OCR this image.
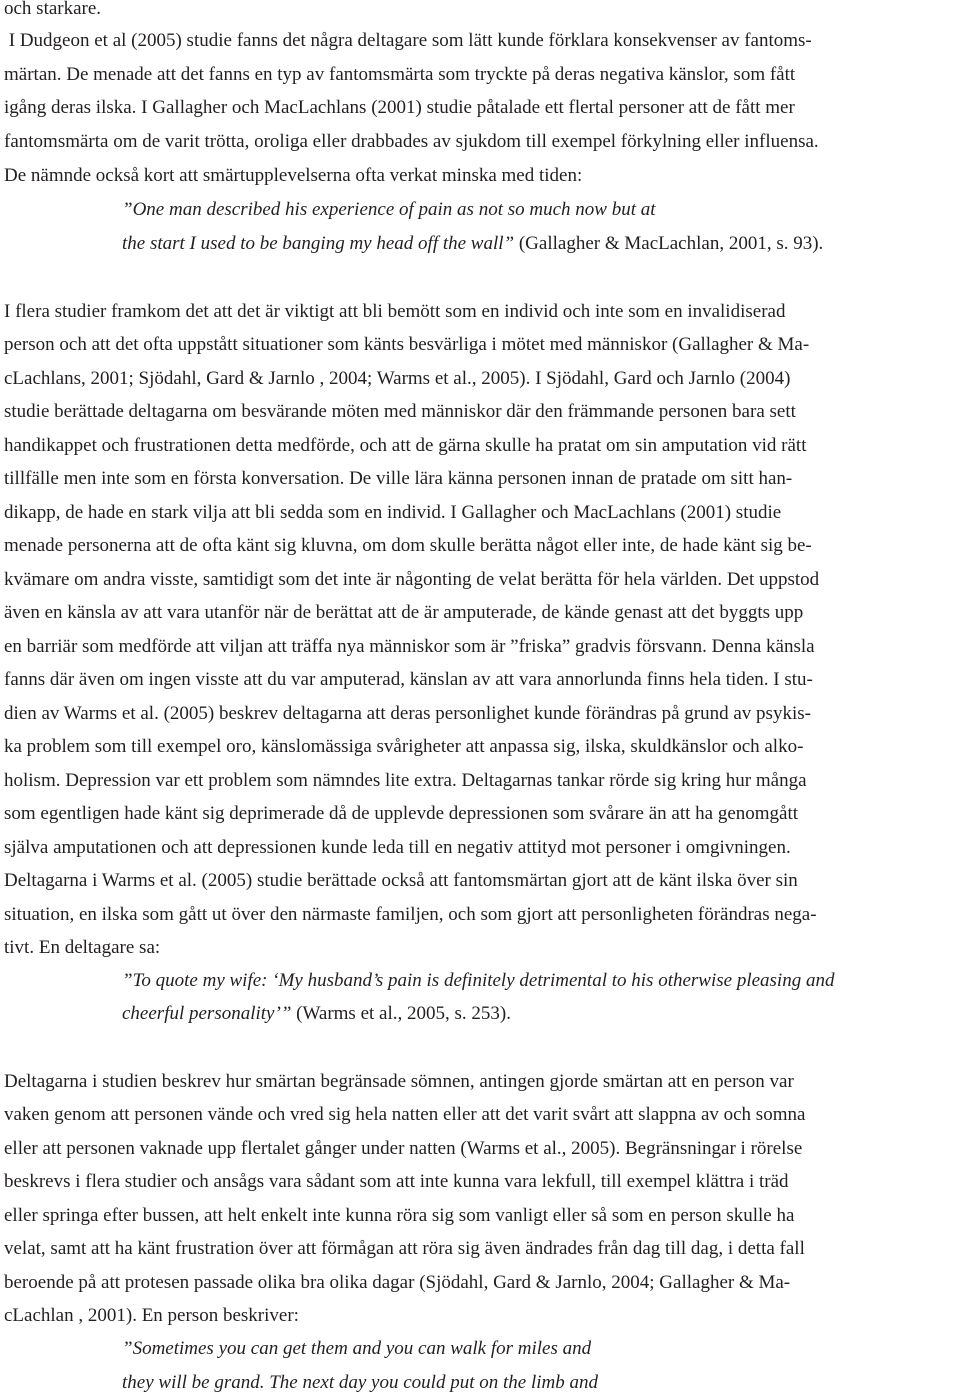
och starkare.
I Dudgeon et al (2005) studie fanns det några deltagare som lätt kunde förklara konsekvenser av fantoms-
märtan. De menade att det fanns en typ av fantomsmärta som tryckte på deras negativa känslor, som fått
igång deras ilska. I Gallagher och MacLachlans (2001) studie påtalade ett flertal personer att de fått mer
fantomsmärta om de varit trötta, oroliga eller drabbades av sjukdom till exempel förkylning eller influensa.
De nämnde också kort att smärtupplevelserna ofta verkat minska med tiden:
”One man described his experience of pain as not so much now but at
the start I used to be banging my head off the wall” (Gallagher & MacLachlan, 2001, s. 93).
I flera studier framkom det att det är viktigt att bli bemött som en individ och inte som en invalidiserad
person och att det ofta uppstått situationer som känts besvärliga i mötet med människor (Gallagher & Ma-
cLachlans, 2001; Sjödahl, Gard & Jarnlo , 2004; Warms et al., 2005). I Sjödahl, Gard och Jarnlo (2004)
studie berättade deltagarna om besvärande möten med människor där den främmande personen bara sett
handikappet och frustrationen detta medförde, och att de gärna skulle ha pratat om sin amputation vid rätt
tillfälle men inte som en första konversation. De ville lära känna personen innan de pratade om sitt han-
dikapp, de hade en stark vilja att bli sedda som en individ. I Gallagher och MacLachlans (2001) studie
menade personerna att de ofta känt sig kluvna, om dom skulle berätta något eller inte, de hade känt sig be-
kvämare om andra visste, samtidigt som det inte är någonting de velat berätta för hela världen. Det uppstod
även en känsla av att vara utanför när de berättat att de är amputerade, de kände genast att det byggts upp
en barriär som medförde att viljan att träffa nya människor som är ”friska” gradvis försvann. Denna känsla
fanns där även om ingen visste att du var amputerad, känslan av att vara annorlunda finns hela tiden. I stu-
dien av Warms et al. (2005) beskrev deltagarna att deras personlighet kunde förändras på grund av psykis-
ka problem som till exempel oro, känslomässiga svårigheter att anpassa sig, ilska, skuldkänslor och alko-
holism. Depression var ett problem som nämndes lite extra. Deltagarnas tankar rörde sig kring hur många
som egentligen hade känt sig deprimerade då de upplevde depressionen som svårare än att ha genomgått
själva amputationen och att depressionen kunde leda till en negativ attityd mot personer i omgivningen.
Deltagarna i Warms et al. (2005) studie berättade också att fantomsmärtan gjort att de känt ilska över sin
situation, en ilska som gått ut över den närmaste familjen, och som gjort att personligheten förändras nega-
tivt. En deltagare sa:
”To quote my wife: ‘My husband’s pain is definitely detrimental to his otherwise pleasing and
cheerful personality’” (Warms et al., 2005, s. 253).
Deltagarna i studien beskrev hur smärtan begränsade sömnen, antingen gjorde smärtan att en person var
vaken genom att personen vände och vred sig hela natten eller att det varit svårt att slappna av och somna
eller att personen vaknade upp flertalet gånger under natten (Warms et al., 2005). Begränsningar i rörelse
beskrevs i flera studier och ansågs vara sådant som att inte kunna vara lekfull, till exempel klättra i träd
eller springa efter bussen, att helt enkelt inte kunna röra sig som vanligt eller så som en person skulle ha
velat, samt att ha känt frustration över att förmågan att röra sig även ändrades från dag till dag, i detta fall
beroende på att protesen passade olika bra olika dagar (Sjödahl, Gard & Jarnlo, 2004; Gallagher & Ma-
cLachlan , 2001). En person beskriver:
”Sometimes you can get them and you can walk for miles and
they will be grand. The next day you could put on the limb and
